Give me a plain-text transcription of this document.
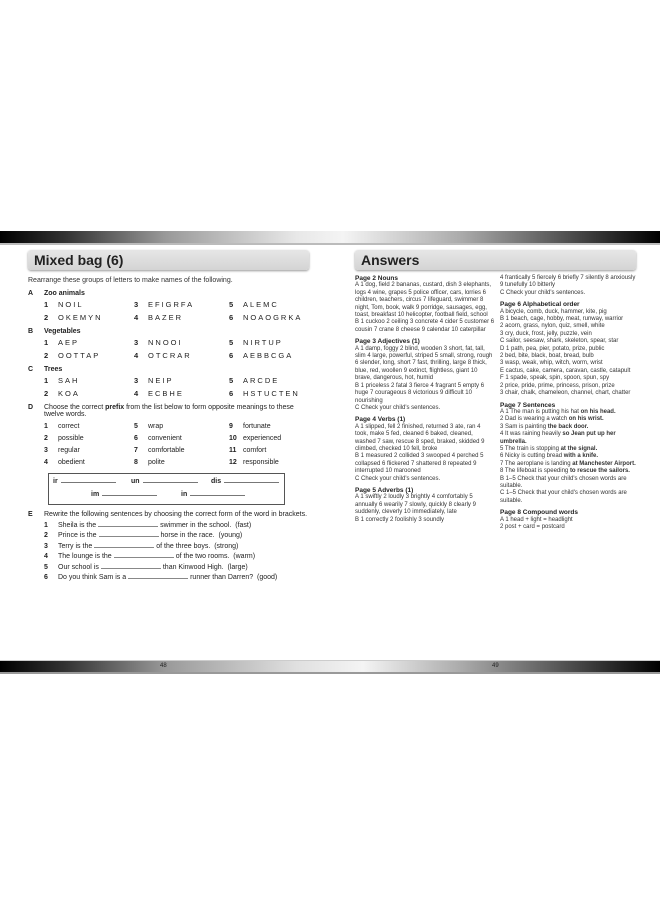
Mixed bag (6)
Rearrange these groups of letters to make names of the following.
A Zoo animals
1	NOIL	3	EFIGRFA	5	ALEMC
2	OKEMYN	4	BAZER	6	NOAOGRKA
B Vegetables
1	AEP	3	NNOOI	5	NIRTUP
2	OOTTAP	4	OTCRAR	6	AEBBCGA
C Trees
1	SAH	3	NEIP	5	ARCDE
2	KOA	4	ECBHE	6	HSTUCTEN
D Choose the correct prefix from the list below to form opposite meanings to these twelve words.
1	correct	5	wrap	9	fortunate
2	possible	6	convenient	10 experienced
3	regular	7	comfortable	11 comfort
4	obedient	8	polite	12 responsible
ir	un	dis
im	in
E Rewrite the following sentences by choosing the correct form of the word in brackets.
1	Sheila is the	swimmer in the school. (fast)
2	Prince is the	horse in the race. (young)
3	Terry is the	of the three boys. (strong)
4	The lounge is the	of the two rooms. (warm)
5	Our school is	than Kinwood High. (large)
6	Do you think Sam is a	runner than Darren? (good)
Answers
Page 2 Nouns
A 1 dog, field 2 bananas, custard, dish 3 elephants, logs 4 wine, grapes 5 police officer, cars, lorries 6 children, teachers, circus 7 lifeguard, swimmer 8 night, Tom, book, walk 9 porridge, sausages, egg, toast, breakfast 10 helicopter, football field, school
B 1 cuckoo 2 ceiling 3 concrete 4 cider 5 customer 6 cousin 7 crane 8 cheese 9 calendar 10 caterpillar
Page 3 Adjectives (1)
A 1 damp, foggy 2 blind, wooden 3 short, fat, tall, slim 4 large, powerful, striped 5 small, strong, rough 6 slender, long, short 7 fast, thrilling, large 8 thick, blue, red, woollen 9 extinct, flightless, giant 10 brave, dangerous, hot, humid
B 1 priceless 2 fatal 3 fierce 4 fragrant 5 empty 6 huge 7 courageous 8 victorious 9 difficult 10 nourishing
C Check your child's sentences.
Page 4 Verbs (1)
A 1 slipped, fell 2 finished, returned 3 ate, ran 4 took, make 5 fed, cleaned 6 baked, cleaned, washed 7 saw, rescue 8 sped, braked, skidded 9 climbed, checked 10 fell, broke
B 1 measured 2 collided 3 swooped 4 perched 5 collapsed 6 flickered 7 shattered 8 repeated 9 interrupted 10 marooned
C Check your child's sentences.
Page 5 Adverbs (1)
A 1 swiftly 2 loudly 3 brightly 4 comfortably 5 annually 6 wearily 7 slowly, quickly 8 clearly 9 suddenly, cleverly 10 immediately, late
B 1 correctly 2 foolishly 3 soundly
4 frantically 5 fiercely 6 briefly 7 silently 8 anxiously 9 tunefully 10 bitterly
C Check your child's sentences.
Page 6 Alphabetical order
A bicycle, comb, duck, hammer, kite, pig
B 1 beach, cage, hobby, meat, runway, warrior
2 acorn, grass, nylon, quiz, smell, white
3 cry, duck, frost, jelly, puzzle, vein
C sailor, seesaw, shark, skeleton, spear, star
D 1 path, pea, pier, potato, prize, public
2 bed, bite, black, boat, bread, bulb
3 wasp, weak, whip, witch, worm, wrist
E cactus, cake, camera, caravan, castle, catapult
F 1 spade, speak, spin, spoon, spun, spy
2 price, pride, prime, princess, prison, prize
3 chair, chalk, chameleon, channel, chart, chatter
Page 7 Sentences
A 1 The man is putting his hat on his head.
2 Dad is wearing a watch on his wrist.
3 Sam is painting the back door.
4 It was raining heavily so Jean put up her umbrella.
5 The train is stopping at the signal.
6 Nicky is cutting bread with a knife.
7 The aeroplane is landing at Manchester Airport.
8 The lifeboat is speeding to rescue the sailors.
B 1–5 Check that your child's chosen words are suitable.
C 1–5 Check that your child's chosen words are suitable.
Page 8 Compound words
A 1 head + light = headlight
2 post + card = postcard
48	49
